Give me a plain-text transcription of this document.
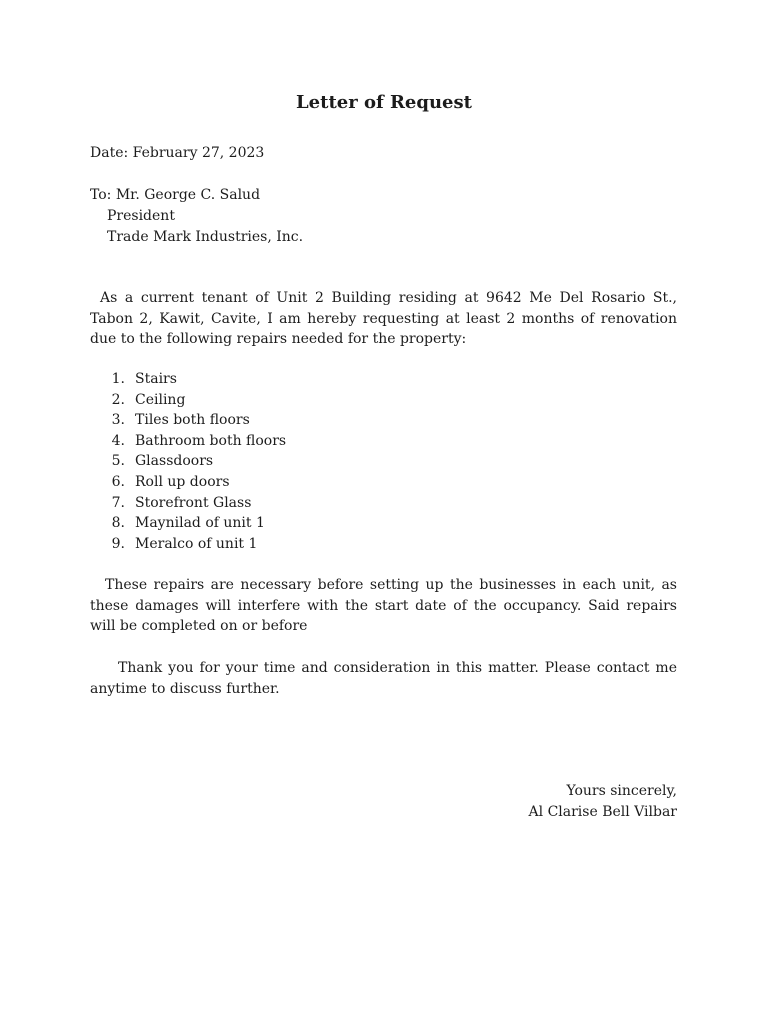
Letter of Request
Date: February 27, 2023
To: Mr. George C. Salud
President
Trade Mark Industries, Inc.
As a current tenant of Unit 2 Building residing at 9642 Me Del Rosario St., Tabon 2, Kawit, Cavite, I am hereby requesting at least 2 months of renovation due to the following repairs needed for the property:
1. Stairs
2. Ceiling
3. Tiles both floors
4. Bathroom both floors
5. Glassdoors
6. Roll up doors
7. Storefront Glass
8. Maynilad of unit 1
9. Meralco of unit 1
These repairs are necessary before setting up the businesses in each unit, as these damages will interfere with the start date of the occupancy. Said repairs will be completed on or before
Thank you for your time and consideration in this matter. Please contact me anytime to discuss further.
Yours sincerely,
Al Clarise Bell Vilbar
